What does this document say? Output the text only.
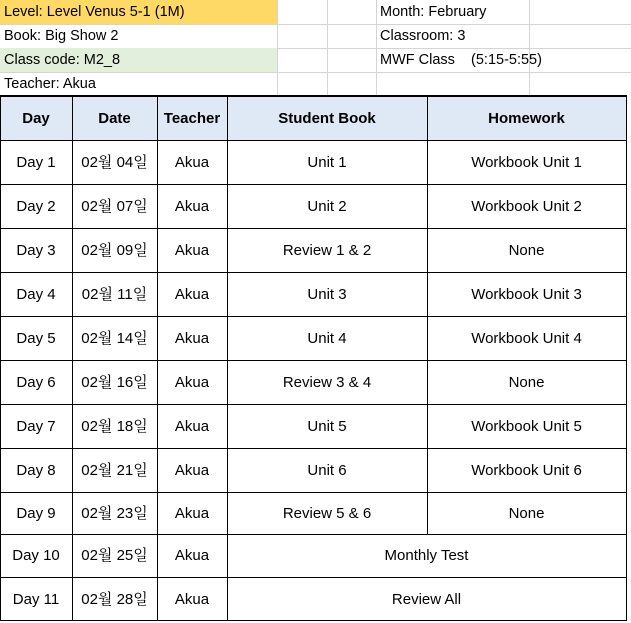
Level: Level Venus 5-1 (1M)
Book: Big Show 2
Class code: M2_8
Teacher: Akua
Month: February
Classroom: 3
MWF Class    (5:15-5:55)
Day	Date	Teacher	Student Book	Homework
Day 1	02월 04일	Akua	Unit 1	Workbook Unit 1
Day 2	02월 07일	Akua	Unit 2	Workbook Unit 2
Day 3	02월 09일	Akua	Review 1 & 2	None
Day 4	02월 11일	Akua	Unit 3	Workbook Unit 3
Day 5	02월 14일	Akua	Unit 4	Workbook Unit 4
Day 6	02월 16일	Akua	Review 3 & 4	None
Day 7	02월 18일	Akua	Unit 5	Workbook Unit 5
Day 8	02월 21일	Akua	Unit 6	Workbook Unit 6
Day 9	02월 23일	Akua	Review 5 & 6	None
Day 10	02월 25일	Akua	Monthly Test
Day 11	02월 28일	Akua	Review All
